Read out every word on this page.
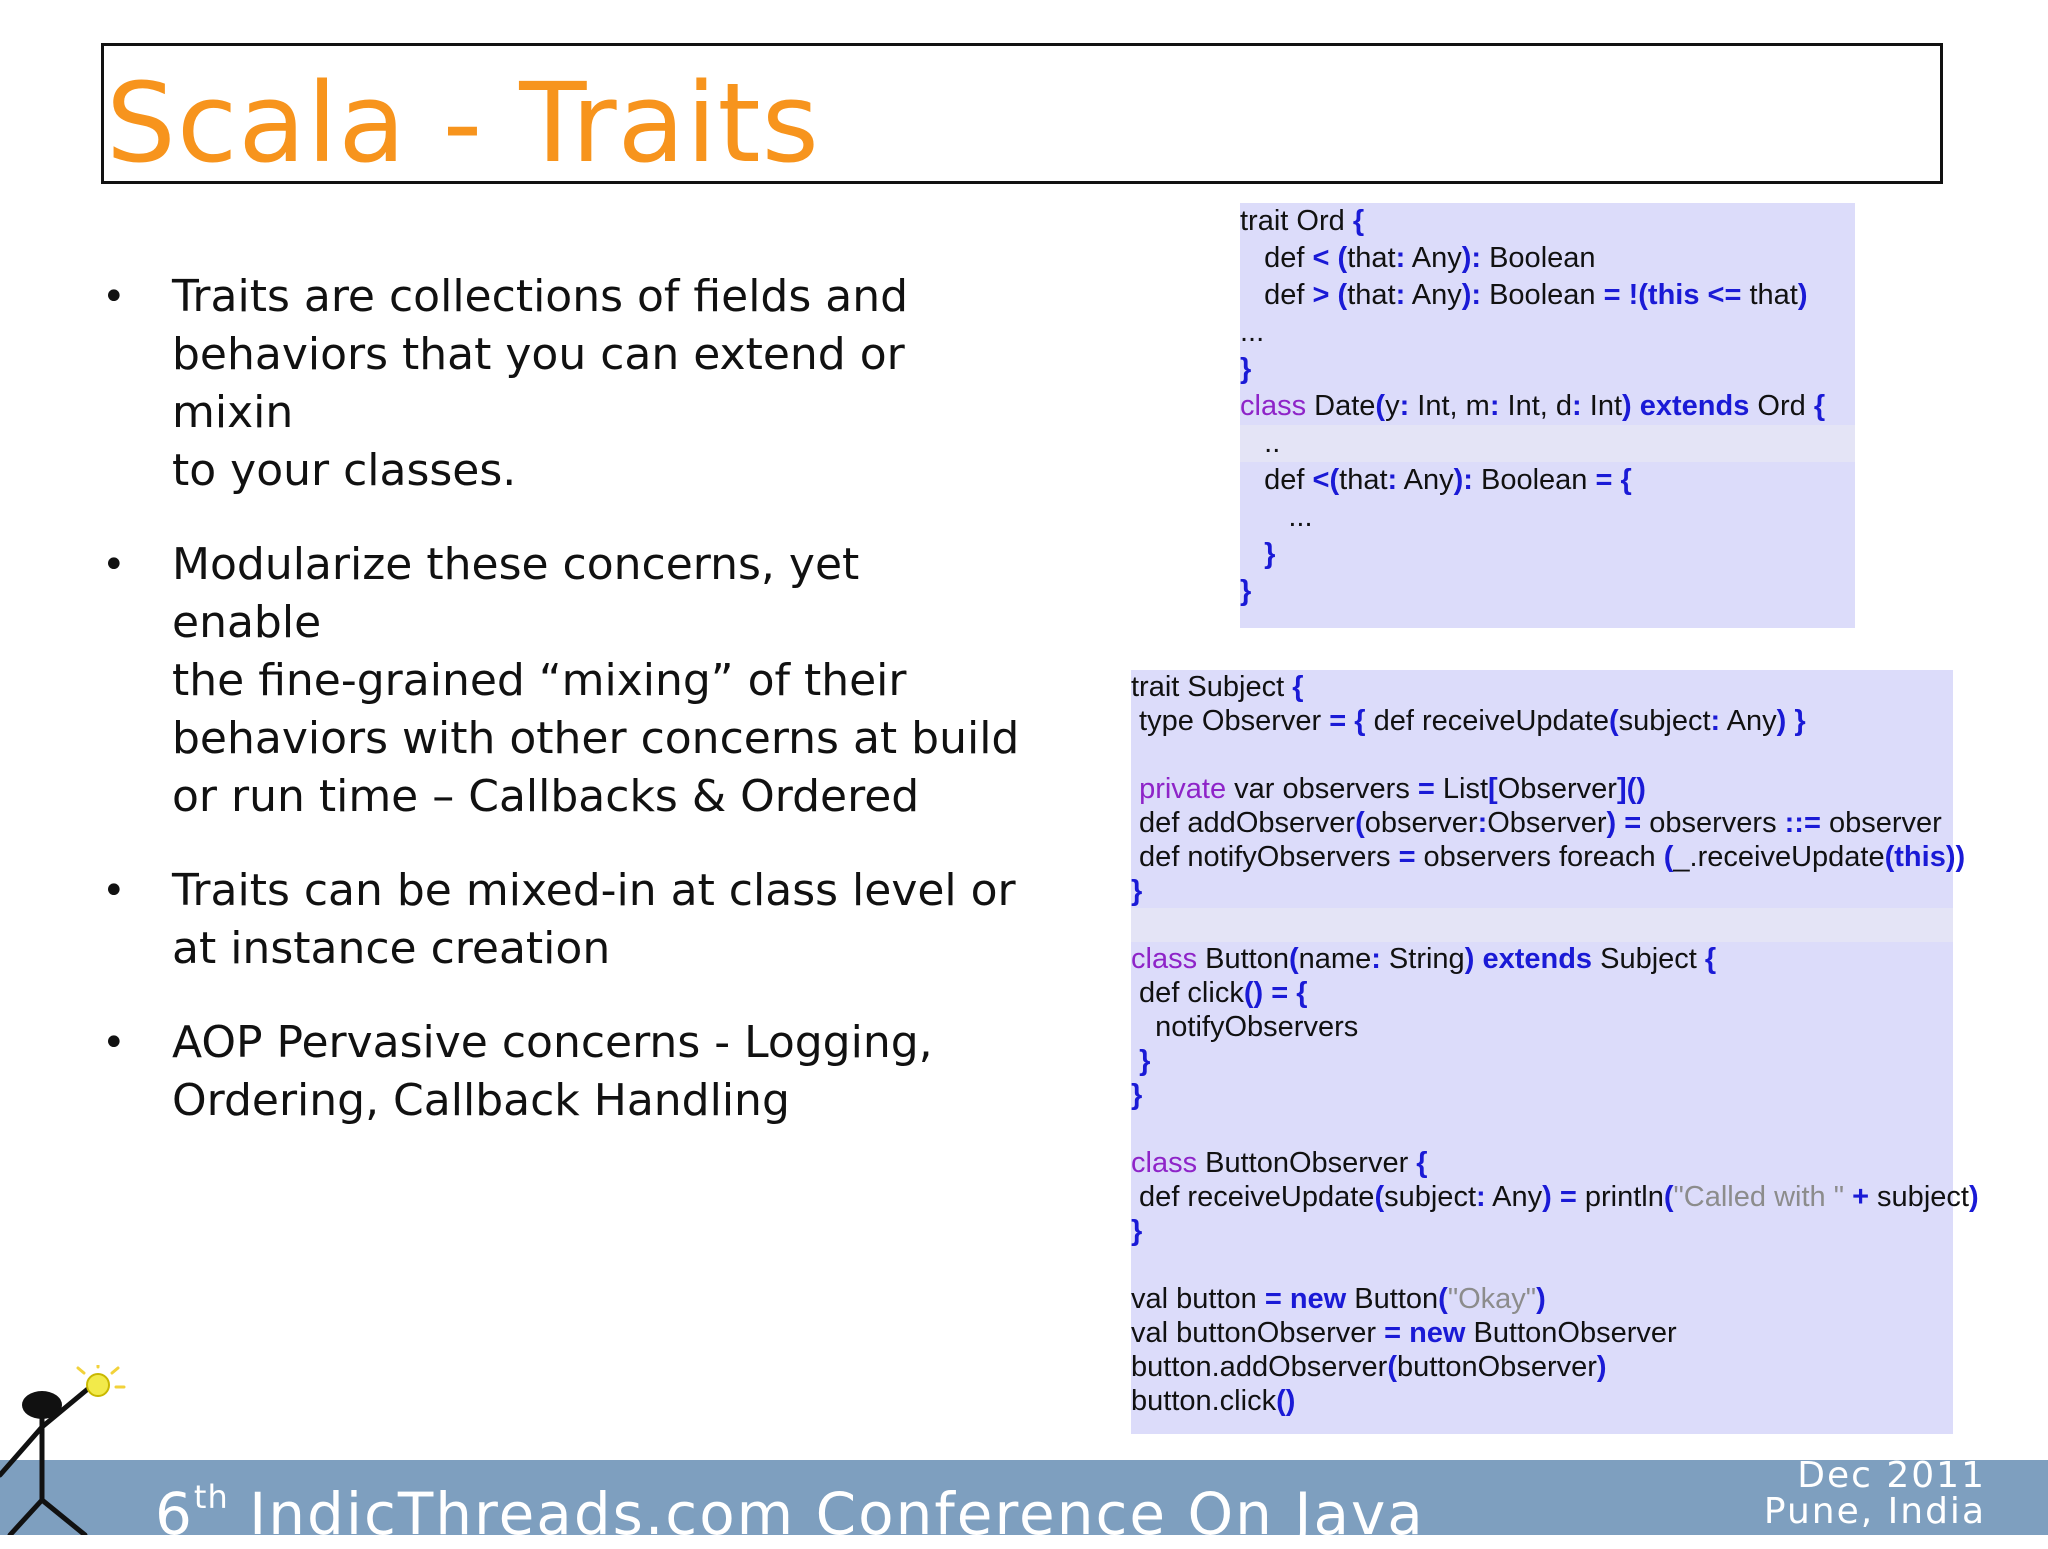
Scala - Traits
• Traits are collections of fields and
behaviors that you can extend or mixin
to your classes.
• Modularize these concerns, yet enable
the fine-grained “mixing” of their
behaviors with other concerns at build
or run time – Callbacks & Ordered
• Traits can be mixed-in at class level or
at instance creation
• AOP Pervasive concerns - Logging,
Ordering, Callback Handling
trait Ord {
def < (that: Any): Boolean
def > (that: Any): Boolean = !(this <= that)
...
}
class Date(y: Int, m: Int, d: Int) extends Ord {
..
def <(that: Any): Boolean = {
...
}
}
trait Subject {
type Observer = { def receiveUpdate(subject: Any) }

private var observers = List[Observer]()
def addObserver(observer:Observer) = observers ::= observer
def notifyObservers = observers foreach (_.receiveUpdate(this))
}

class Button(name: String) extends Subject {
def click() = {
notifyObservers
}
}

class ButtonObserver {
def receiveUpdate(subject: Any) = println("Called with " + subject)
}

val button = new Button("Okay")
val buttonObserver = new ButtonObserver
button.addObserver(buttonObserver)
button.click()
6th IndicThreads.com Conference On Java
Dec 2011
Pune, India
